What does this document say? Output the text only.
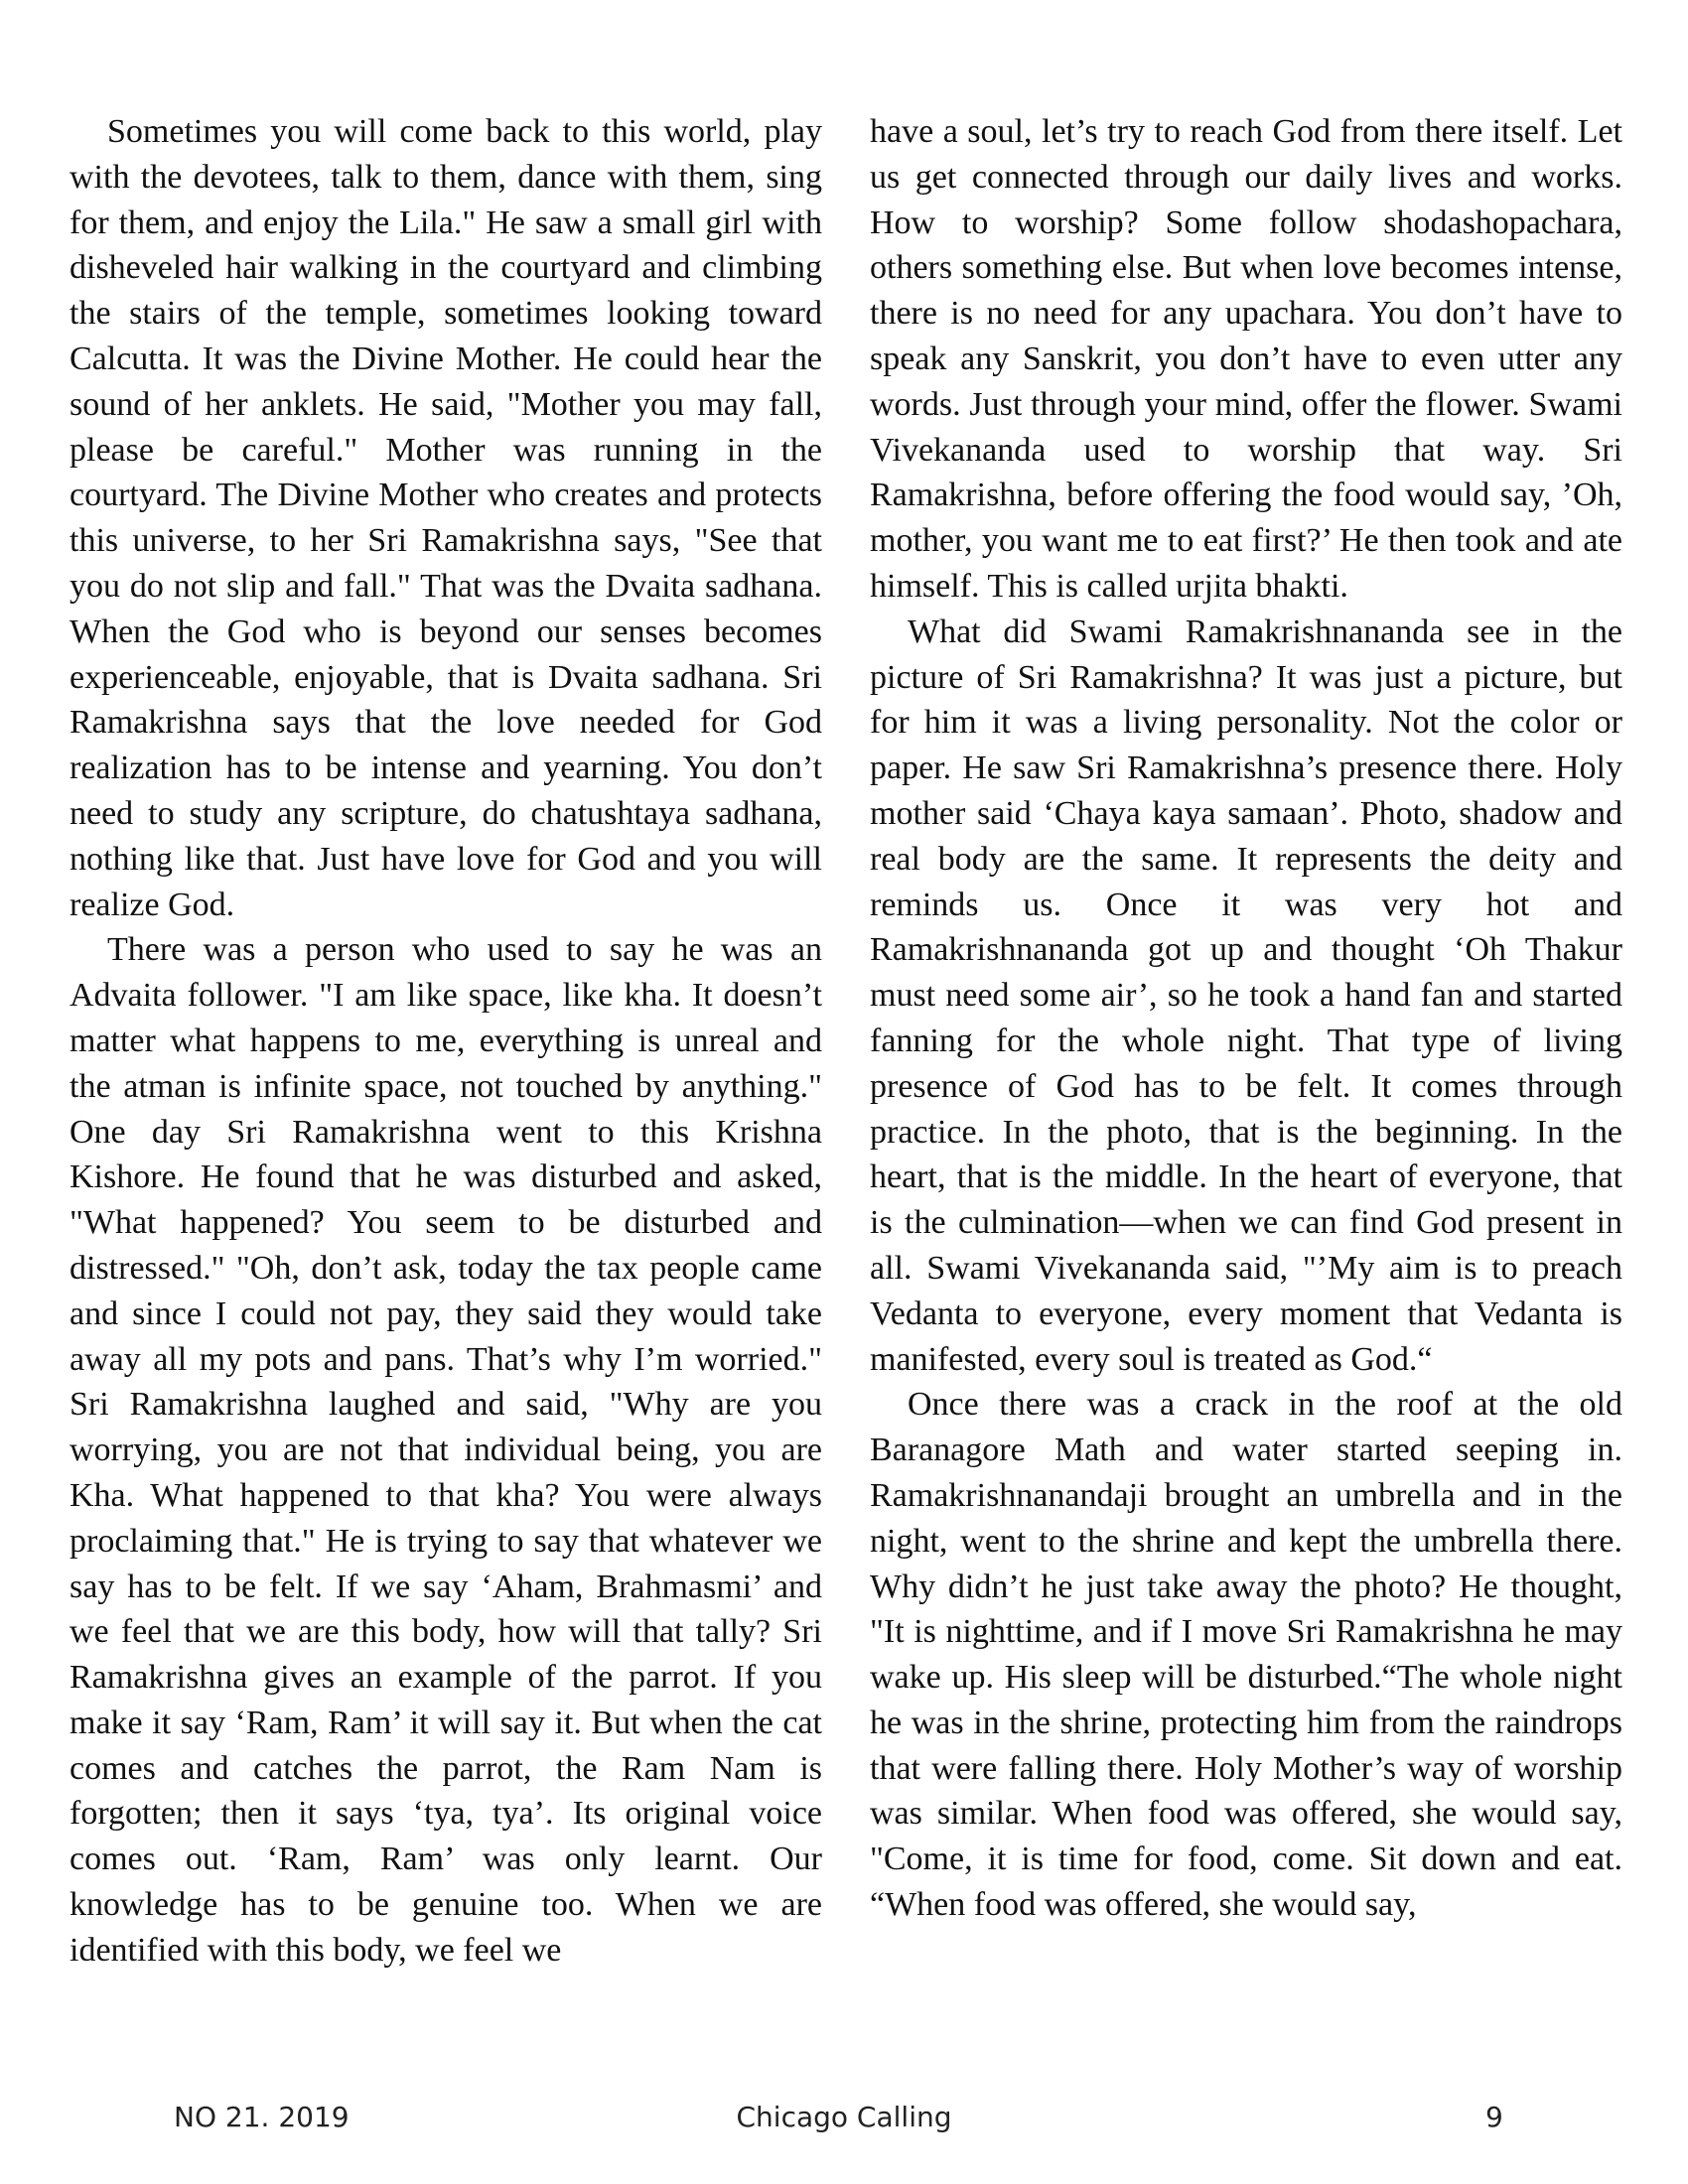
Sometimes you will come back to this world, play with the devotees, talk to them, dance with them, sing for them, and enjoy the Lila." He saw a small girl with disheveled hair walking in the courtyard and climbing the stairs of the temple, sometimes looking toward Calcutta. It was the Divine Mother. He could hear the sound of her anklets. He said, "Mother you may fall, please be careful." Mother was running in the courtyard. The Divine Mother who creates and protects this universe, to her Sri Ramakrishna says, "See that you do not slip and fall." That was the Dvaita sadhana. When the God who is beyond our senses becomes experienceable, enjoyable, that is Dvaita sadhana. Sri Ramakrishna says that the love needed for God realization has to be intense and yearning. You don’t need to study any scripture, do chatushtaya sadhana, nothing like that. Just have love for God and you will realize God.

There was a person who used to say he was an Advaita follower. "I am like space, like kha. It doesn’t matter what happens to me, everything is unreal and the atman is infinite space, not touched by anything." One day Sri Ramakrishna went to this Krishna Kishore. He found that he was disturbed and asked, "What happened? You seem to be disturbed and distressed." "Oh, don’t ask, today the tax people came and since I could not pay, they said they would take away all my pots and pans. That’s why I’m worried." Sri Ramakrishna laughed and said, "Why are you worrying, you are not that individual being, you are Kha. What happened to that kha? You were always proclaiming that." He is trying to say that whatever we say has to be felt. If we say ‘Aham, Brahmasmi’ and we feel that we are this body, how will that tally? Sri Ramakrishna gives an example of the parrot. If you make it say ‘Ram, Ram’ it will say it. But when the cat comes and catches the parrot, the Ram Nam is forgotten; then it says ‘tya, tya’. Its original voice comes out. ‘Ram, Ram’ was only learnt. Our knowledge has to be genuine too. When we are identified with this body, we feel we

have a soul, let’s try to reach God from there itself. Let us get connected through our daily lives and works. How to worship? Some follow shodashopachara, others something else. But when love becomes intense, there is no need for any upachara. You don’t have to speak any Sanskrit, you don’t have to even utter any words. Just through your mind, offer the flower. Swami Vivekananda used to worship that way. Sri Ramakrishna, before offering the food would say, ’Oh, mother, you want me to eat first?’ He then took and ate himself. This is called urjita bhakti.

What did Swami Ramakrishnananda see in the picture of Sri Ramakrishna? It was just a picture, but for him it was a living personality. Not the color or paper. He saw Sri Ramakrishna’s presence there. Holy mother said ‘Chaya kaya samaan’. Photo, shadow and real body are the same. It represents the deity and reminds us. Once it was very hot and Ramakrishnananda got up and thought ‘Oh Thakur must need some air’, so he took a hand fan and started fanning for the whole night. That type of living presence of God has to be felt. It comes through practice. In the photo, that is the beginning. In the heart, that is the middle. In the heart of everyone, that is the culmination—when we can find God present in all. Swami Vivekananda said, "’My aim is to preach Vedanta to everyone, every moment that Vedanta is manifested, every soul is treated as God.“

Once there was a crack in the roof at the old Baranagore Math and water started seeping in. Ramakrishnanandaji brought an umbrella and in the night, went to the shrine and kept the umbrella there. Why didn’t he just take away the photo? He thought, "It is nighttime, and if I move Sri Ramakrishna he may wake up. His sleep will be disturbed.“The whole night he was in the shrine, protecting him from the raindrops that were falling there. Holy Mother’s way of worship was similar. When food was offered, she would say, "Come, it is time for food, come. Sit down and eat. “When food was offered, she would say,

NO 21. 2019	Chicago Calling	9
